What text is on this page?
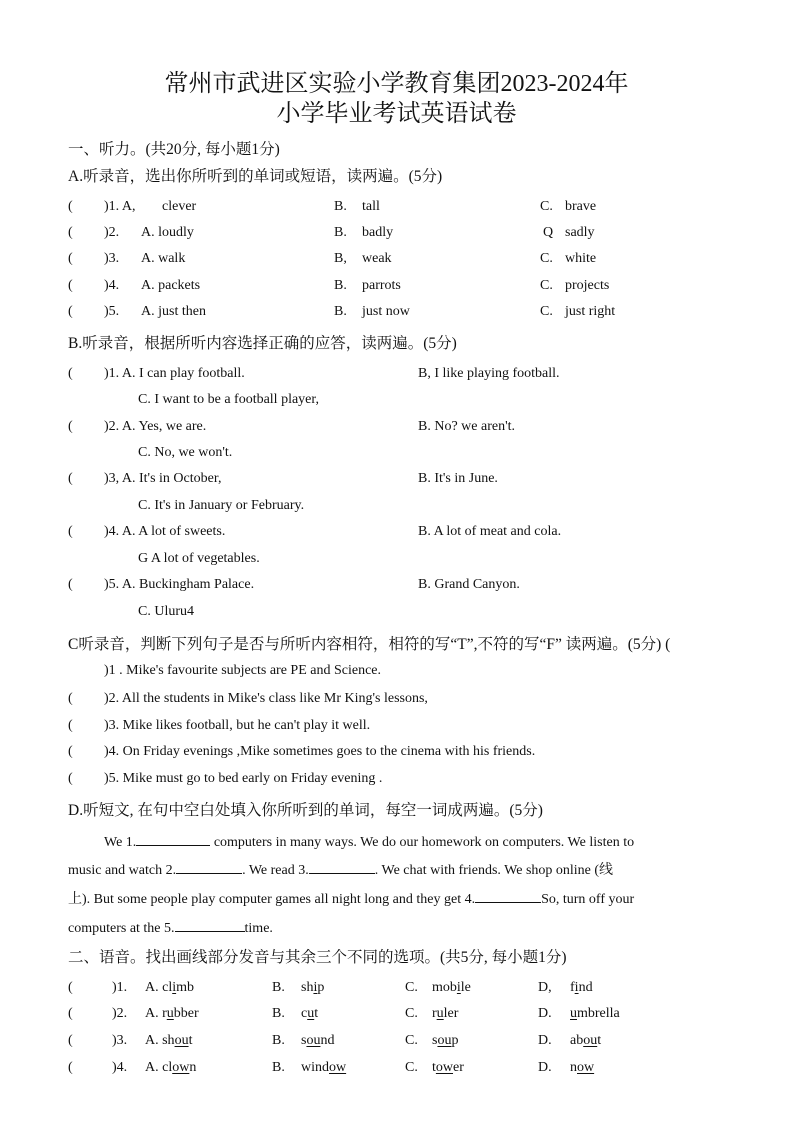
常州市武进区实验小学教育集团2023-2024年
小学毕业考试英语试卷
一、听力。(共20分, 每小题1分)
A.听录音，选出你所听到的单词或短语，读两遍。(5分)
( )1. A, clever	B. tall	C. brave
( )2. A. loudly	B. badly	Q sadly
( )3. A. walk	B, weak	C. white
( )4. A. packets	B. parrots	C. projects
( )5. A. just then	B. just now	C. just right
B.听录音，根据所听内容选择正确的应答，读两遍。(5分)
( )1. A. I can play football.	B, I like playing football.
C. I want to be a football player,
( )2. A. Yes, we are.	B. No? we aren't.
C. No, we won't.
( )3, A. It's in October,	B. It's in June.
C. It's in January or February.
( )4. A. A lot of sweets.	B. A lot of meat and cola.
G A lot of vegetables.
( )5. A. Buckingham Palace.	B. Grand Canyon.
C. Uluru4
C听录音，判断下列句子是否与所听内容相符，相符的写“T”,不符的写“F” 读两遍。(5分) (
)1 . Mike's favourite subjects are PE and Science.
( )2. All the students in Mike's class like Mr King's lessons,
( )3. Mike likes football, but he can't play it well.
( )4. On Friday evenings ,Mike sometimes goes to the cinema with his friends.
( )5. Mike must go to bed early on Friday evening .
D.听短文, 在句中空白处填入你所听到的单词，每空一词成两遍。(5分)
We 1.	computers in many ways. We do our homework on computers. We listen to
music and watch 2.	. We read 3.	. We chat with friends. We shop online (线
上). But some people play computer games all night long and they get 4.	So, turn off your
computers at the 5.	time.
二、语音。找出画线部分发音与其余三个不同的选项。(共5分, 每小题1分)
(	)1. A. climb	B. ship	C. mobile	D, find
(	)2. A. rubber	B. cut	C. ruler	D. umbrella
(	)3. A. shout	B. sound	C. soup	D. about
(	)4. A. clown	B. window	C. tower	D. now
